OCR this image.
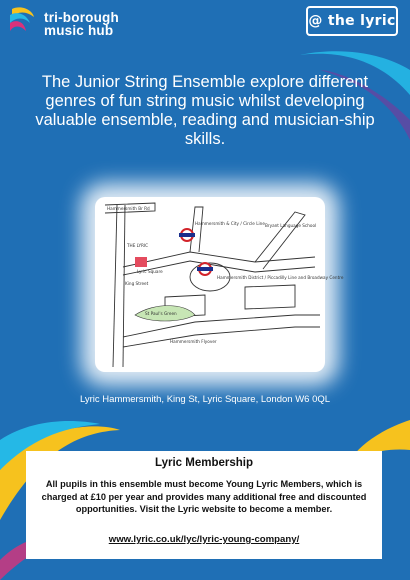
tri-borough
music hub
@ the lyric
The Junior String Ensemble explore different genres of fun string music whilst developing valuable ensemble, reading and musician-ship skills.
Hammersmith Br Rd
THE LYRIC
King Street
Lyric Square
Hammersmith & City / Circle Line
Hammersmith District / Piccadilly Line and Broadway Centre
Bryant Language School
St Paul's Green
Hammersmith Flyover
Lyric Hammersmith, King St, Lyric Square, London W6 0QL
Lyric Membership
All pupils in this ensemble must become Young Lyric Members, which is charged at £10 per year and provides many additional free and discounted opportunities. Visit the Lyric website to become a member.
www.lyric.co.uk/lyc/lyric-young-company/
